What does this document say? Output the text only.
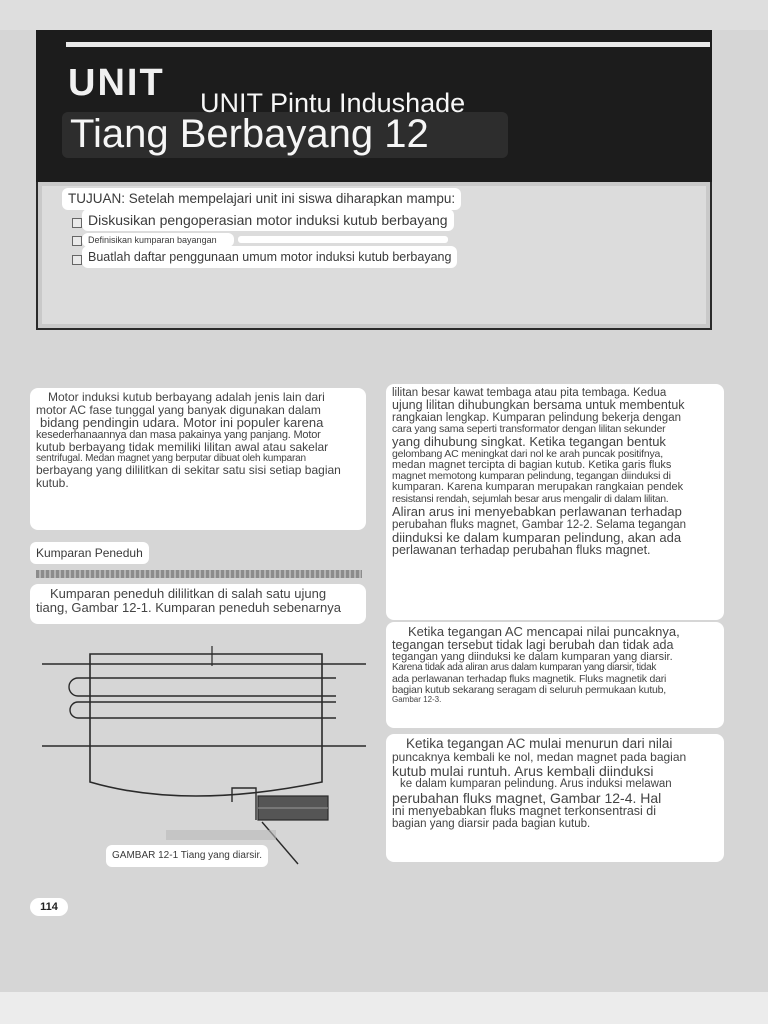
UNIT UNIT Pintu Indushade
Tiang Berbayang 12
TUJUAN: Setelah mempelajari unit ini siswa diharapkan mampu:
Diskusikan pengoperasian motor induksi kutub berbayang
Definisikan kumparan bayangan
Buatlah daftar penggunaan umum motor induksi kutub berbayang
Motor induksi kutub berbayang adalah jenis lain dari
motor AC fase tunggal yang banyak digunakan dalam
bidang pendingin udara. Motor ini populer karena
kesederhanaannya dan masa pakainya yang panjang. Motor
kutub berbayang tidak memiliki lilitan awal atau sakelar
sentrifugal. Medan magnet yang berputar dibuat oleh kumparan
berbayang yang dililitkan di sekitar satu sisi setiap bagian
kutub.
Kumparan Peneduh
Kumparan peneduh dililitkan di salah satu ujung
tiang, Gambar 12-1. Kumparan peneduh sebenarnya
GAMBAR 12-1 Tiang yang diarsir.
lilitan besar kawat tembaga atau pita tembaga. Kedua
ujung lilitan dihubungkan bersama untuk membentuk
rangkaian lengkap. Kumparan pelindung bekerja dengan
cara yang sama seperti transformator dengan lilitan sekunder
yang dihubung singkat. Ketika tegangan bentuk
gelombang AC meningkat dari nol ke arah puncak positifnya,
medan magnet tercipta di bagian kutub. Ketika garis fluks
magnet memotong kumparan pelindung, tegangan diinduksi di
kumparan. Karena kumparan merupakan rangkaian pendek
resistansi rendah, sejumlah besar arus mengalir di dalam lilitan.
Aliran arus ini menyebabkan perlawanan terhadap
perubahan fluks magnet, Gambar 12-2. Selama tegangan
diinduksi ke dalam kumparan pelindung, akan ada
perlawanan terhadap perubahan fluks magnet.
Ketika tegangan AC mencapai nilai puncaknya,
tegangan tersebut tidak lagi berubah dan tidak ada
tegangan yang diinduksi ke dalam kumparan yang diarsir.
Karena tidak ada aliran arus dalam kumparan yang diarsir, tidak
ada perlawanan terhadap fluks magnetik. Fluks magnetik dari
bagian kutub sekarang seragam di seluruh permukaan kutub,
Gambar 12-3.
Ketika tegangan AC mulai menurun dari nilai
puncaknya kembali ke nol, medan magnet pada bagian
kutub mulai runtuh. Arus kembali diinduksi
ke dalam kumparan pelindung. Arus induksi melawan
perubahan fluks magnet, Gambar 12-4. Hal
ini menyebabkan fluks magnet terkonsentrasi di
bagian yang diarsir pada bagian kutub.
114
